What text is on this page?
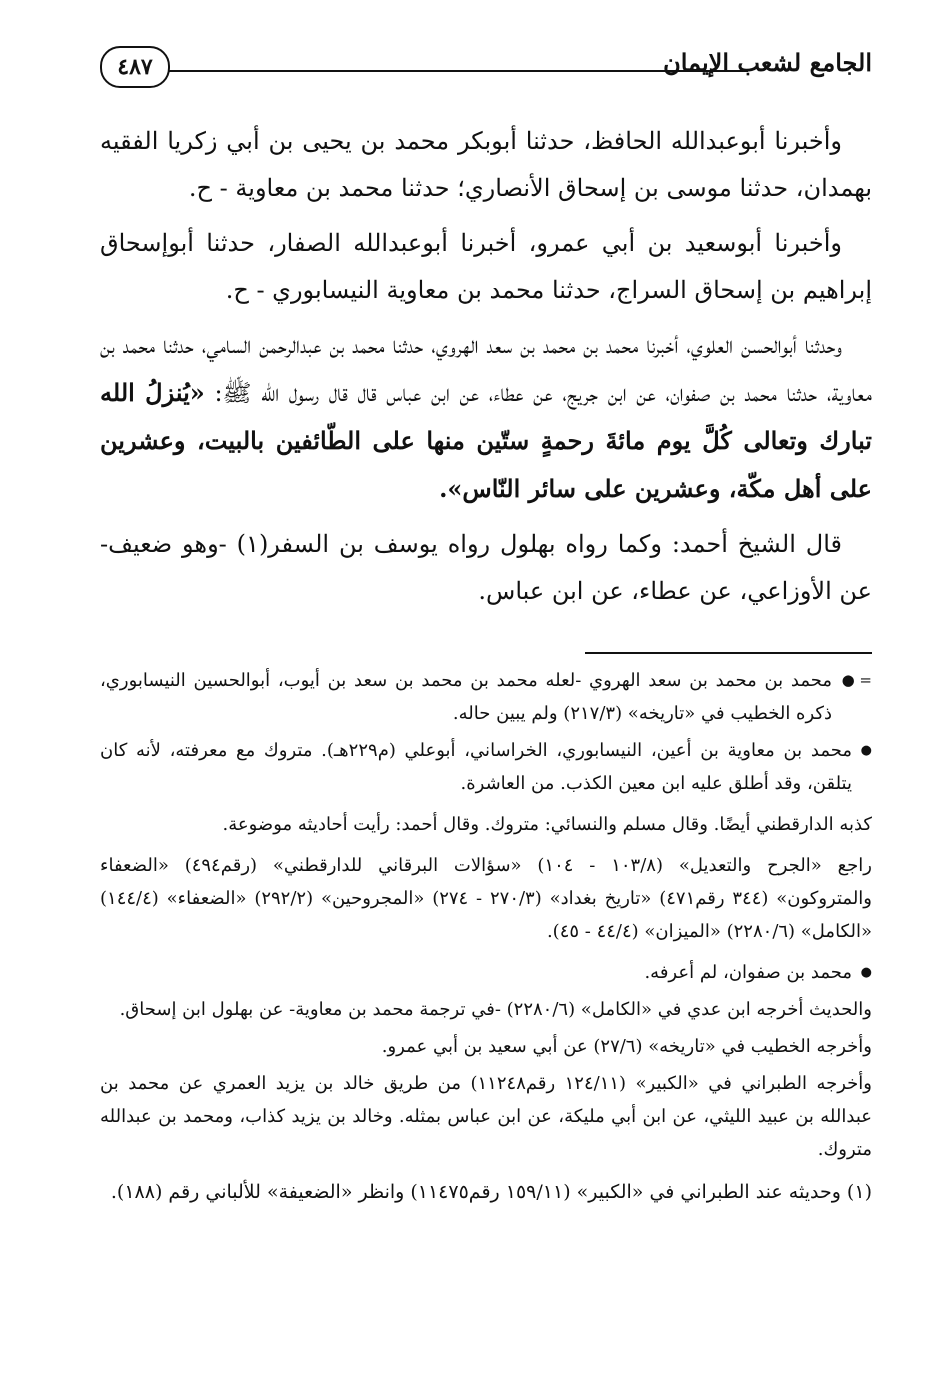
٤٨٧	الجامع لشعب الإيمان

وأخبرنا أبوعبدالله الحافظ، حدثنا أبوبكر محمد بن يحيى بن أبي زكريا الفقيه بهمدان، حدثنا موسى بن إسحاق الأنصاري؛ حدثنا محمد بن معاوية - ح.

وأخبرنا أبوسعيد بن أبي عمرو، أخبرنا أبوعبدالله الصفار، حدثنا أبوإسحاق إبراهيم بن إسحاق السراج، حدثنا محمد بن معاوية النيسابوري - ح.

وحدثنا أبوالحسن العلوي، أخبرنا محمد بن محمد بن سعد الهروي، حدثنا محمد بن عبدالرحمن السامي، حدثنا محمد بن معاوية، حدثنا محمد بن صفوان، عن ابن جريج، عن عطاء، عن ابن عباس قال قال رسول الله ﷺ: «يُنزلُ الله تبارك وتعالى كُلَّ يوم مائةَ رحمةٍ ستّين منها على الطّائفين بالبيت، وعشرين على أهل مكّة، وعشرين على سائر النّاس».

قال الشيخ أحمد: وكما رواه بهلول رواه يوسف بن السفر(١) -وهو ضعيف- عن الأوزاعي، عن عطاء، عن ابن عباس.

= ● محمد بن محمد بن سعد الهروي -لعله محمد بن محمد بن سعد بن أيوب، أبوالحسين النيسابوري، ذكره الخطيب في «تاريخه» (٢١٧/٣) ولم يبين حاله.

● محمد بن معاوية بن أعين، النيسابوري، الخراساني، أبوعلي (م٢٢٩هـ). متروك مع معرفته، لأنه كان يتلقن، وقد أطلق عليه ابن معين الكذب. من العاشرة.

كذبه الدارقطني أيضًا. وقال مسلم والنسائي: متروك. وقال أحمد: رأيت أحاديثه موضوعة.

راجع «الجرح والتعديل» (١٠٣/٨ - ١٠٤) «سؤالات البرقاني للدارقطني» (رقم٤٩٤) «الضعفاء والمتروكون» (٣٤٤ رقم٤٧١) «تاريخ بغداد» (٢٧٠/٣ - ٢٧٤) «المجروحين» (٢٩٢/٢) «الضعفاء» (١٤٤/٤) «الكامل» (٢٢٨٠/٦) «الميزان» (٤٤/٤ - ٤٥).

● محمد بن صفوان، لم أعرفه.

والحديث أخرجه ابن عدي في «الكامل» (٢٢٨٠/٦) -في ترجمة محمد بن معاوية- عن بهلول ابن إسحاق.

وأخرجه الخطيب في «تاريخه» (٢٧/٦) عن أبي سعيد بن أبي عمرو.

وأخرجه الطبراني في «الكبير» (١٢٤/١١ رقم١١٢٤٨) من طريق خالد بن يزيد العمري عن محمد بن عبدالله بن عبيد الليثي، عن ابن أبي مليكة، عن ابن عباس بمثله. وخالد بن يزيد كذاب، ومحمد بن عبدالله متروك.

(١) وحديثه عند الطبراني في «الكبير» (١٥٩/١١ رقم١١٤٧٥) وانظر «الضعيفة» للألباني رقم (١٨٨).
